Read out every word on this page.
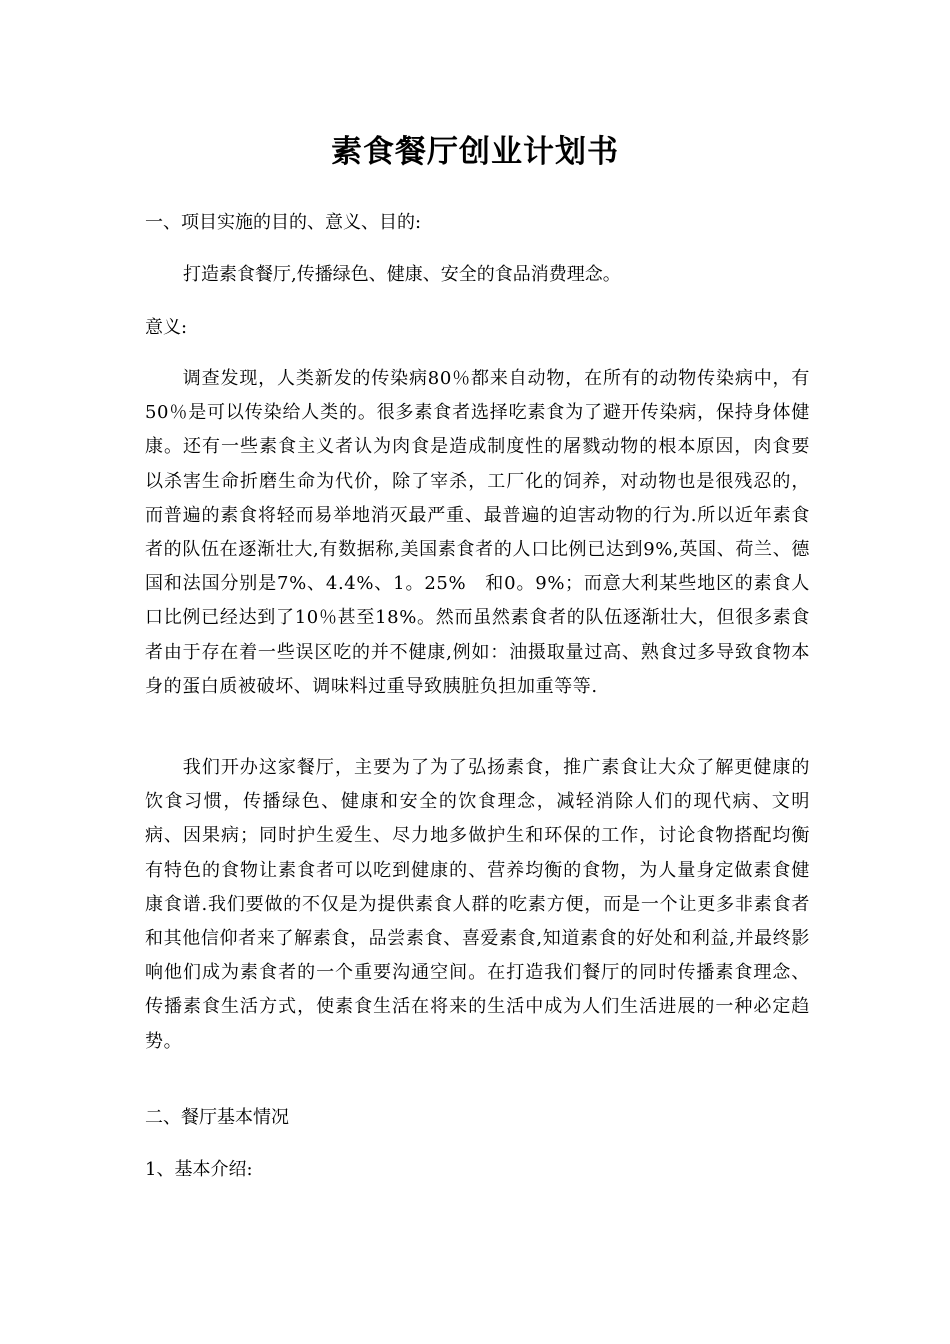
素食餐厅创业计划书
一、项目实施的目的、意义、目的:
打造素食餐厅,传播绿色、健康、安全的食品消费理念。
意义:
调查发现，人类新发的传染病80％都来自动物，在所有的动物传染病中，有50％是可以传染给人类的。很多素食者选择吃素食为了避开传染病，保持身体健康。还有一些素食主义者认为肉食是造成制度性的屠戮动物的根本原因，肉食要以杀害生命折磨生命为代价，除了宰杀，工厂化的饲养，对动物也是很残忍的，而普遍的素食将轻而易举地消灭最严重、最普遍的迫害动物的行为.所以近年素食者的队伍在逐渐壮大,有数据称,美国素食者的人口比例已达到9%,英国、荷兰、德国和法国分别是7%、4.4%、1。25%　和0。9%；而意大利某些地区的素食人口比例已经达到了10％甚至18%。然而虽然素食者的队伍逐渐壮大，但很多素食者由于存在着一些误区吃的并不健康,例如：油摄取量过高、熟食过多导致食物本身的蛋白质被破坏、调味料过重导致胰脏负担加重等等.
我们开办这家餐厅，主要为了为了弘扬素食，推广素食让大众了解更健康的饮食习惯，传播绿色、健康和安全的饮食理念，减轻消除人们的现代病、文明病、因果病；同时护生爱生、尽力地多做护生和环保的工作，讨论食物搭配均衡有特色的食物让素食者可以吃到健康的、营养均衡的食物，为人量身定做素食健康食谱.我们要做的不仅是为提供素食人群的吃素方便，而是一个让更多非素食者和其他信仰者来了解素食，品尝素食、喜爱素食,知道素食的好处和利益,并最终影响他们成为素食者的一个重要沟通空间。在打造我们餐厅的同时传播素食理念、传播素食生活方式，使素食生活在将来的生活中成为人们生活进展的一种必定趋势。
二、餐厅基本情况
1、基本介绍:
